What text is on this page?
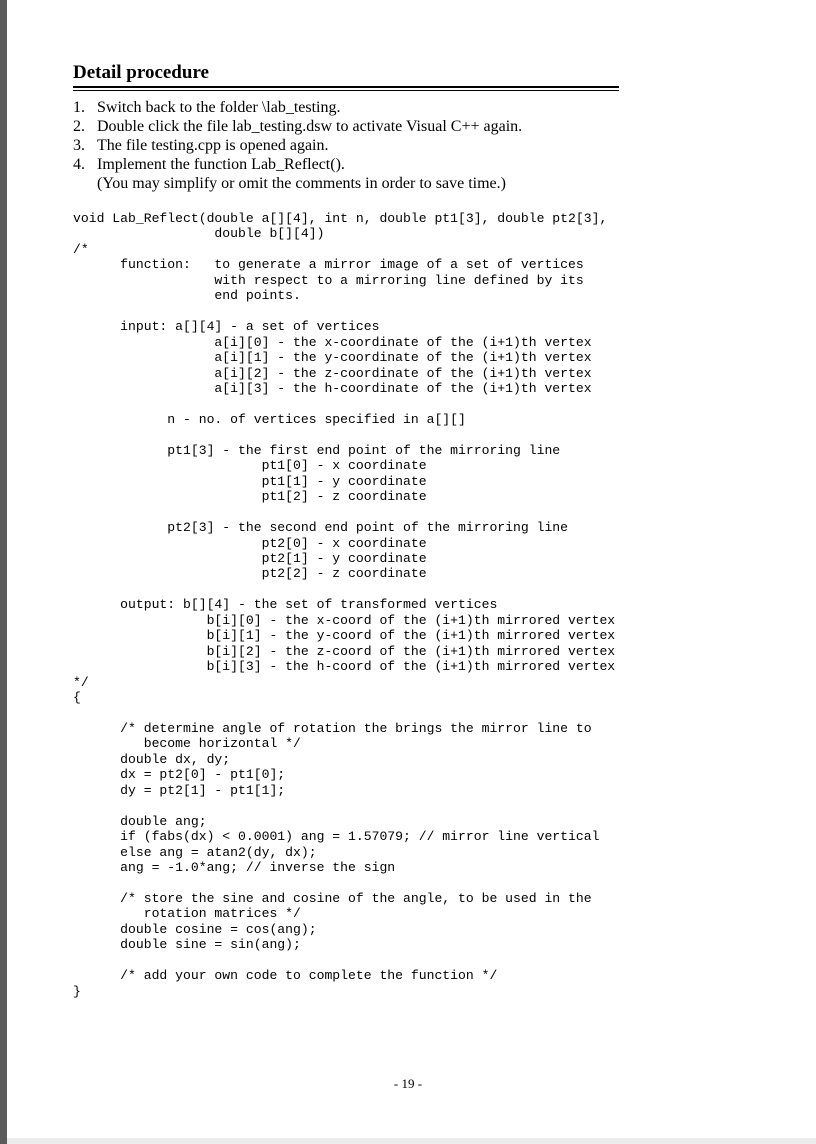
Detail procedure
1. Switch back to the folder \lab_testing.
2. Double click the file lab_testing.dsw to activate Visual C++ again.
3. The file testing.cpp is opened again.
4. Implement the function Lab_Reflect().
(You may simplify or omit the comments in order to save time.)
void Lab_Reflect(double a[][4], int n, double pt1[3], double pt2[3],
double b[][4])
/*
function:   to generate a mirror image of a set of vertices
with respect to a mirroring line defined by its
end points.

input: a[][4] - a set of vertices
a[i][0] - the x-coordinate of the (i+1)th vertex
a[i][1] - the y-coordinate of the (i+1)th vertex
a[i][2] - the z-coordinate of the (i+1)th vertex
a[i][3] - the h-coordinate of the (i+1)th vertex

n - no. of vertices specified in a[][]

pt1[3] - the first end point of the mirroring line
pt1[0] - x coordinate
pt1[1] - y coordinate
pt1[2] - z coordinate

pt2[3] - the second end point of the mirroring line
pt2[0] - x coordinate
pt2[1] - y coordinate
pt2[2] - z coordinate

output: b[][4] - the set of transformed vertices
b[i][0] - the x-coord of the (i+1)th mirrored vertex
b[i][1] - the y-coord of the (i+1)th mirrored vertex
b[i][2] - the z-coord of the (i+1)th mirrored vertex
b[i][3] - the h-coord of the (i+1)th mirrored vertex
*/
{

/* determine angle of rotation the brings the mirror line to
become horizontal */
double dx, dy;
dx = pt2[0] - pt1[0];
dy = pt2[1] - pt1[1];

double ang;
if (fabs(dx) < 0.0001) ang = 1.57079; // mirror line vertical
else ang = atan2(dy, dx);
ang = -1.0*ang; // inverse the sign

/* store the sine and cosine of the angle, to be used in the
rotation matrices */
double cosine = cos(ang);
double sine = sin(ang);

/* add your own code to complete the function */
}

- 19 -
